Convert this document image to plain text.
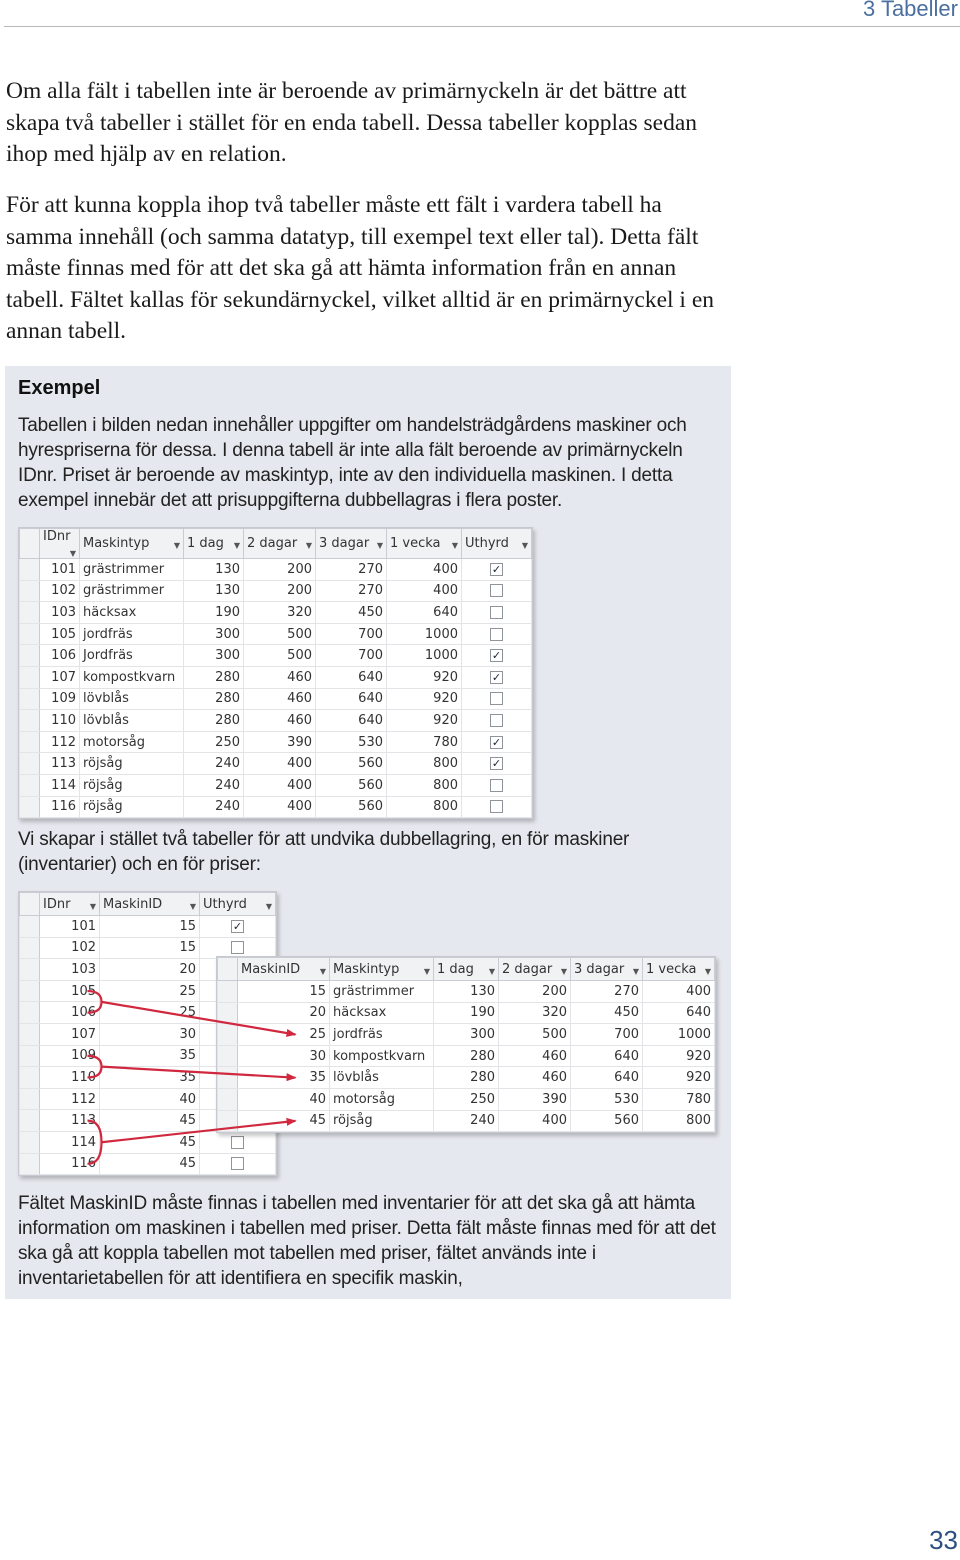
3 Tabeller

Om alla fält i tabellen inte är beroende av primärnyckeln är det bättre att skapa två tabeller i stället för en enda tabell. Dessa tabeller kopplas sedan ihop med hjälp av en relation.

För att kunna koppla ihop två tabeller måste ett fält i vardera tabell ha samma innehåll (och samma datatyp, till exempel text eller tal). Detta fält måste finnas med för att det ska gå att hämta information från en annan tabell. Fältet kallas för sekundärnyckel, vilket alltid är en primärnyckel i en annan tabell.

Exempel

Tabellen i bilden nedan innehåller uppgifter om handelsträdgårdens maskiner och hyrespriserna för dessa. I denna tabell är inte alla fält beroende av primärnyckeln IDnr. Priset är beroende av maskintyp, inte av den individuella maskinen. I detta exempel innebär det att prisuppgifterna dubbellagras i flera poster.

	IDnr
▼	Maskintyp ▼	1 dag ▼	2 dagar ▼	3 dagar ▼	1 vecka ▼	Uthyrd ▼

	101	grästrimmer	130	200	270	400	✓
	102	grästrimmer	130	200	270	400	
	103	häcksax	190	320	450	640	
	105	jordfräs	300	500	700	1000	
	106	Jordfräs	300	500	700	1000	✓
	107	kompostkvarn	280	460	640	920	✓
	109	lövblås	280	460	640	920	
	110	lövblås	280	460	640	920	
	112	motorsåg	250	390	530	780	✓
	113	röjsåg	240	400	560	800	✓
	114	röjsåg	240	400	560	800	
	116	röjsåg	240	400	560	800	

Vi skapar i stället två tabeller för att undvika dubbellagring, en för maskiner (inventarier) och en för priser:

	IDnr ▼	MaskinID ▼	Uthyrd ▼

	101	15	✓
	102	15	
	103	20	
	105	25	
	106	25	
	107	30	
	109	35	
	110	35	
	112	40	
	113	45	
	114	45	
	116	45	
	MaskinID ▼	Maskintyp ▼	1 dag ▼	2 dagar ▼	3 dagar ▼	1 vecka ▼

	15	grästrimmer	130	200	270	400
	20	häcksax	190	320	450	640
	25	jordfräs	300	500	700	1000
	30	kompostkvarn	280	460	640	920
	35	lövblås	280	460	640	920
	40	motorsåg	250	390	530	780
	45	röjsåg	240	400	560	800

Fältet MaskinID måste finnas i tabellen med inventarier för att det ska gå att hämta information om maskinen i tabellen med priser. Detta fält måste finnas med för att det ska gå att koppla tabellen mot tabellen med priser, fältet används inte i inventarietabellen för att identifiera en specifik maskin,

33
